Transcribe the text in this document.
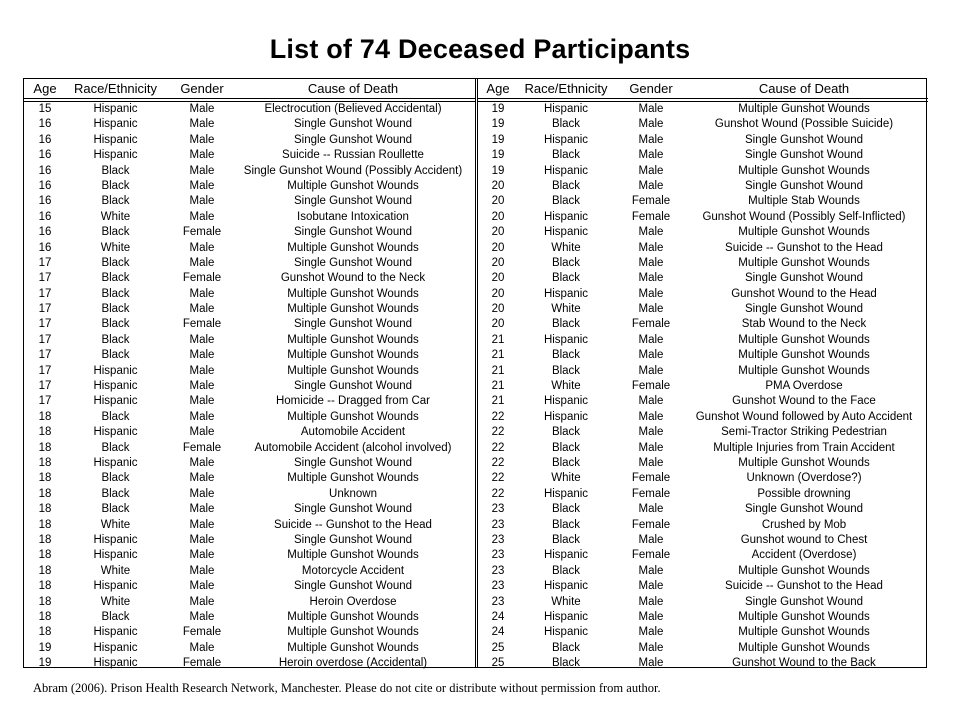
List of 74 Deceased Participants
Age	Race/Ethnicity	Gender	Cause of Death
15	Hispanic	Male	Electrocution (Believed Accidental)
16	Hispanic	Male	Single Gunshot Wound
16	Hispanic	Male	Single Gunshot Wound
16	Hispanic	Male	Suicide -- Russian Roullette
16	Black	Male	Single Gunshot Wound (Possibly Accident)
16	Black	Male	Multiple Gunshot Wounds
16	Black	Male	Single Gunshot Wound
16	White	Male	Isobutane Intoxication
16	Black	Female	Single Gunshot Wound
16	White	Male	Multiple Gunshot Wounds
17	Black	Male	Single Gunshot Wound
17	Black	Female	Gunshot Wound to the Neck
17	Black	Male	Multiple Gunshot Wounds
17	Black	Male	Multiple Gunshot Wounds
17	Black	Female	Single Gunshot Wound
17	Black	Male	Multiple Gunshot Wounds
17	Black	Male	Multiple Gunshot Wounds
17	Hispanic	Male	Multiple Gunshot Wounds
17	Hispanic	Male	Single Gunshot Wound
17	Hispanic	Male	Homicide -- Dragged from Car
18	Black	Male	Multiple Gunshot Wounds
18	Hispanic	Male	Automobile Accident
18	Black	Female	Automobile Accident (alcohol involved)
18	Hispanic	Male	Single Gunshot Wound
18	Black	Male	Multiple Gunshot Wounds
18	Black	Male	Unknown
18	Black	Male	Single Gunshot Wound
18	White	Male	Suicide -- Gunshot to the Head
18	Hispanic	Male	Single Gunshot Wound
18	Hispanic	Male	Multiple Gunshot Wounds
18	White	Male	Motorcycle Accident
18	Hispanic	Male	Single Gunshot Wound
18	White	Male	Heroin Overdose
18	Black	Male	Multiple Gunshot Wounds
18	Hispanic	Female	Multiple Gunshot Wounds
19	Hispanic	Male	Multiple Gunshot Wounds
19	Hispanic	Female	Heroin overdose (Accidental)
Age	Race/Ethnicity	Gender	Cause of Death
19	Hispanic	Male	Multiple Gunshot Wounds
19	Black	Male	Gunshot Wound (Possible Suicide)
19	Hispanic	Male	Single Gunshot Wound
19	Black	Male	Single Gunshot Wound
19	Hispanic	Male	Multiple Gunshot Wounds
20	Black	Male	Single Gunshot Wound
20	Black	Female	Multiple Stab Wounds
20	Hispanic	Female	Gunshot Wound (Possibly Self-Inflicted)
20	Hispanic	Male	Multiple Gunshot Wounds
20	White	Male	Suicide -- Gunshot to the Head
20	Black	Male	Multiple Gunshot Wounds
20	Black	Male	Single Gunshot Wound
20	Hispanic	Male	Gunshot Wound to the Head
20	White	Male	Single Gunshot Wound
20	Black	Female	Stab Wound to the Neck
21	Hispanic	Male	Multiple Gunshot Wounds
21	Black	Male	Multiple Gunshot Wounds
21	Black	Male	Multiple Gunshot Wounds
21	White	Female	PMA Overdose
21	Hispanic	Male	Gunshot Wound to the Face
22	Hispanic	Male	Gunshot Wound followed by Auto Accident
22	Black	Male	Semi-Tractor Striking Pedestrian
22	Black	Male	Multiple Injuries from Train Accident
22	Black	Male	Multiple Gunshot Wounds
22	White	Female	Unknown (Overdose?)
22	Hispanic	Female	Possible drowning
23	Black	Male	Single Gunshot Wound
23	Black	Female	Crushed by Mob
23	Black	Male	Gunshot wound to Chest
23	Hispanic	Female	Accident (Overdose)
23	Black	Male	Multiple Gunshot Wounds
23	Hispanic	Male	Suicide -- Gunshot to the Head
23	White	Male	Single Gunshot Wound
24	Hispanic	Male	Multiple Gunshot Wounds
24	Hispanic	Male	Multiple Gunshot Wounds
25	Black	Male	Multiple Gunshot Wounds
25	Black	Male	Gunshot Wound to the Back
Abram (2006). Prison Health Research Network, Manchester. Please do not cite or distribute without permission from author.
